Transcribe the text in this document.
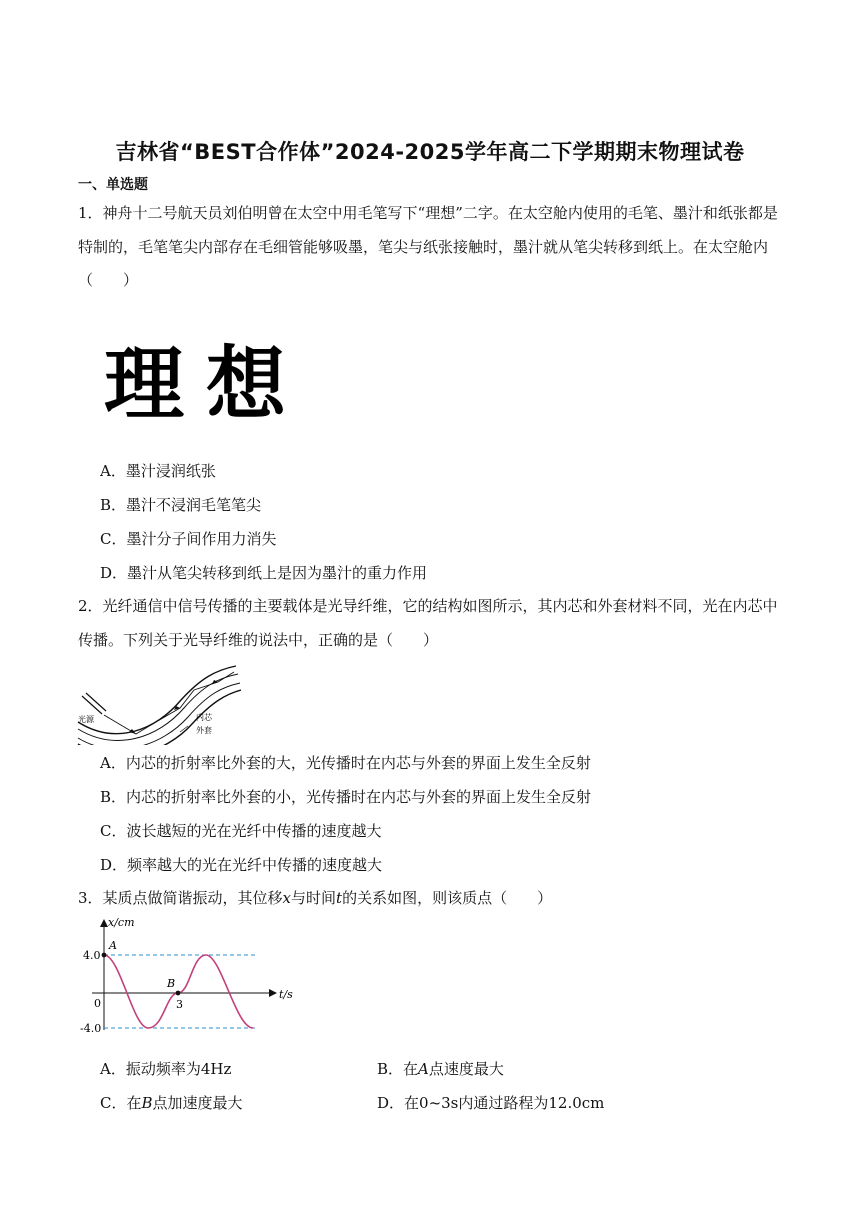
吉林省“BEST合作体”2024-2025学年高二下学期期末物理试卷
一、单选题
1．神舟十二号航天员刘伯明曾在太空中用毛笔写下“理想”二字。在太空舱内使用的毛笔、墨汁和纸张都是
特制的，毛笔笔尖内部存在毛细管能够吸墨，笔尖与纸张接触时，墨汁就从笔尖转移到纸上。在太空舱内
（　　）
理想
A．墨汁浸润纸张
B．墨汁不浸润毛笔笔尖
C．墨汁分子间作用力消失
D．墨汁从笔尖转移到纸上是因为墨汁的重力作用
2．光纤通信中信号传播的主要载体是光导纤维，它的结构如图所示，其内芯和外套材料不同，光在内芯中
传播。下列关于光导纤维的说法中，正确的是（　　）
光源	内芯
外套
A．内芯的折射率比外套的大，光传播时在内芯与外套的界面上发生全反射
B．内芯的折射率比外套的小，光传播时在内芯与外套的界面上发生全反射
C．波长越短的光在光纤中传播的速度越大
D．频率越大的光在光纤中传播的速度越大
3．某质点做简谐振动，其位移x与时间t的关系如图，则该质点（　　）
x/cm
t/s
4.0
-4.0
0	3
A
B
A．振动频率为4Hz	B．在A点速度最大
C．在B点加速度最大	D．在0~3s内通过路程为12.0cm
